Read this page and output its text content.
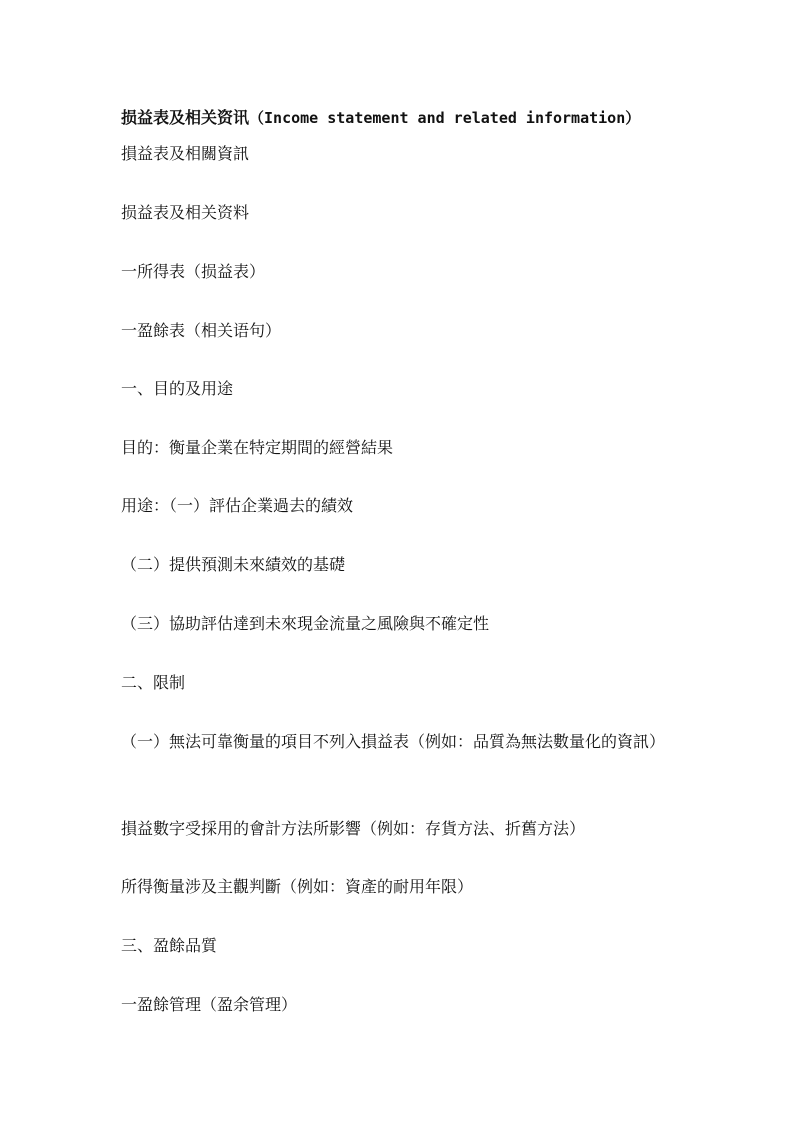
损益表及相关资讯（Income statement and related information）
損益表及相關資訊
损益表及相关资料
一所得表（损益表）
一盈餘表（相关语句）
一、目的及用途
目的：衡量企業在特定期間的經營結果
用途：（一）評估企業過去的績效
（二）提供預測未來績效的基礎
（三）協助評估達到未來現金流量之風險與不確定性
二、限制
（一）無法可靠衡量的項目不列入損益表（例如：品質為無法數量化的資訊）
損益數字受採用的會計方法所影響（例如：存貨方法、折舊方法）
所得衡量涉及主觀判斷（例如：資產的耐用年限）
三、盈餘品質
一盈餘管理（盈余管理）
